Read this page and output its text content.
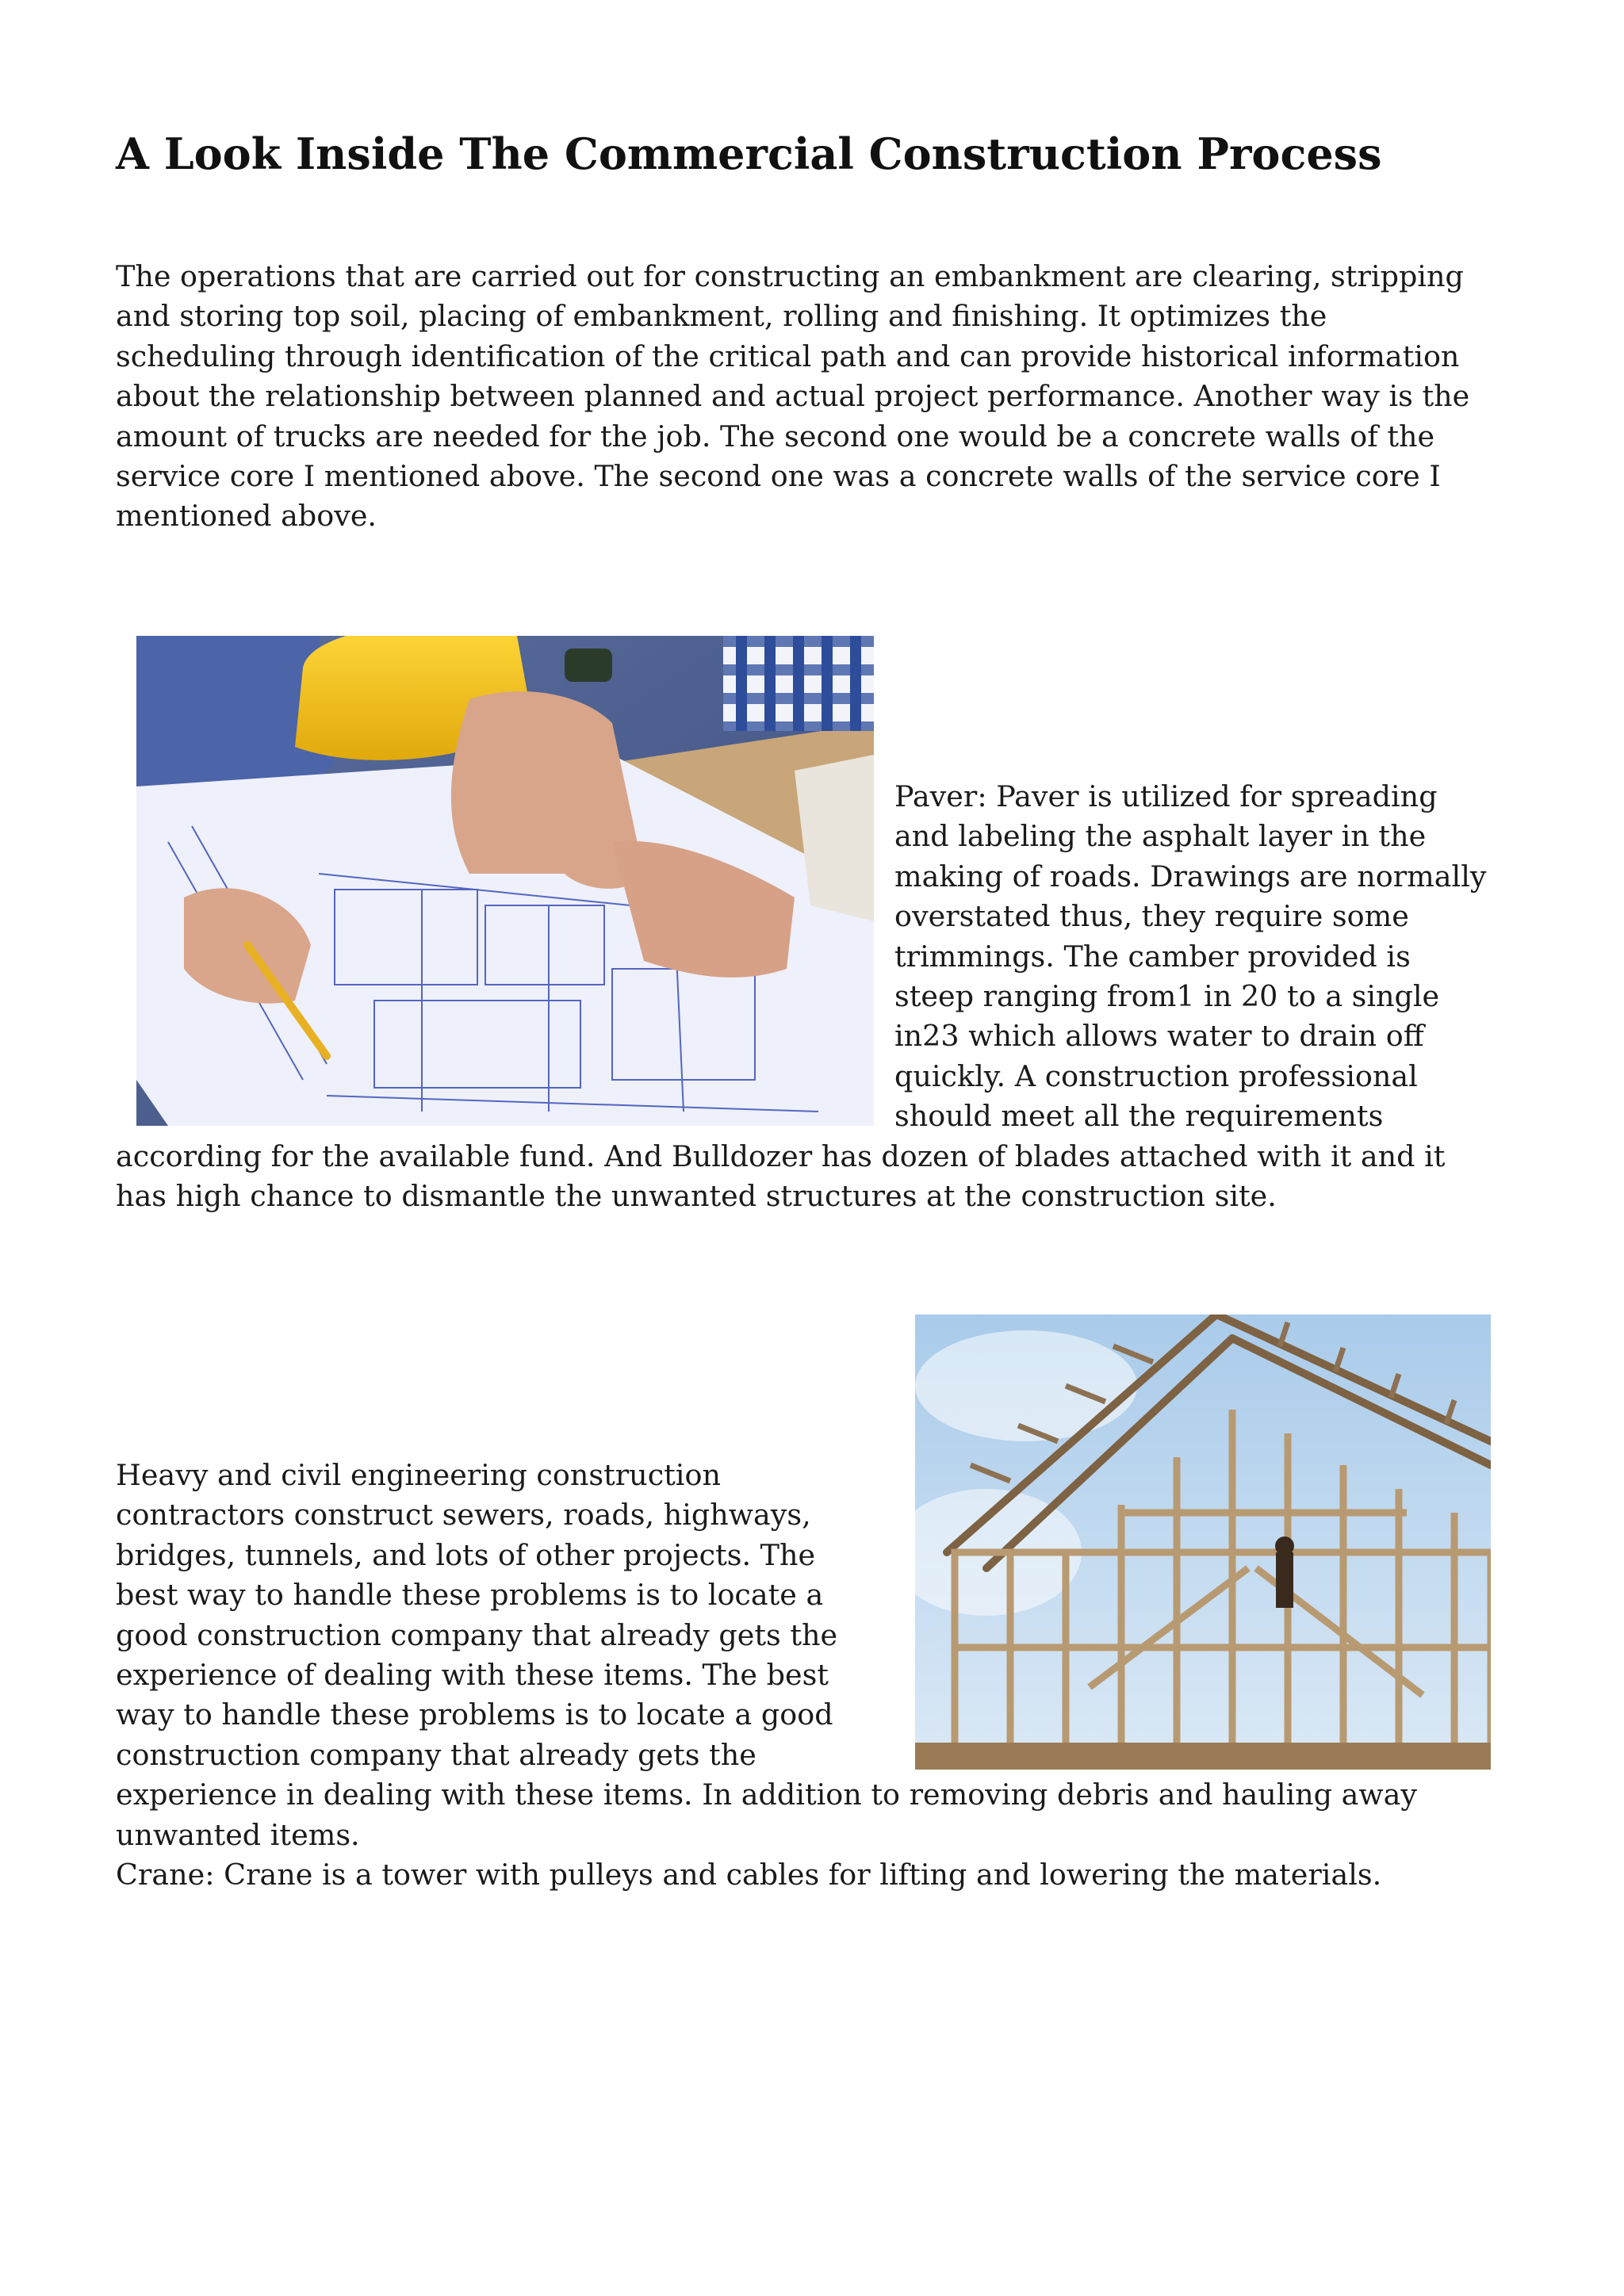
A Look Inside The Commercial Construction Process

The operations that are carried out for constructing an embankment are clearing, stripping and storing top soil, placing of embankment, rolling and finishing. It optimizes the scheduling through identification of the critical path and can provide historical information about the relationship between planned and actual project performance. Another way is the amount of trucks are needed for the job. The second one would be a concrete walls of the service core I mentioned above. The second one was a concrete walls of the service core I mentioned above.

Paver: Paver is utilized for spreading and labeling the asphalt layer in the making of roads. Drawings are normally overstated thus, they require some trimmings. The camber provided is steep ranging from1 in 20 to a single in23 which allows water to drain off quickly. A construction professional should meet all the requirements according for the available fund. And Bulldozer has dozen of blades attached with it and it has high chance to dismantle the unwanted structures at the construction site.

Heavy and civil engineering construction contractors construct sewers, roads, highways, bridges, tunnels, and lots of other projects. The best way to handle these problems is to locate a good construction company that already gets the experience of dealing with these items. The best way to handle these problems is to locate a good construction company that already gets the experience in dealing with these items. In addition to removing debris and hauling away unwanted items.

Crane: Crane is a tower with pulleys and cables for lifting and lowering the materials.
